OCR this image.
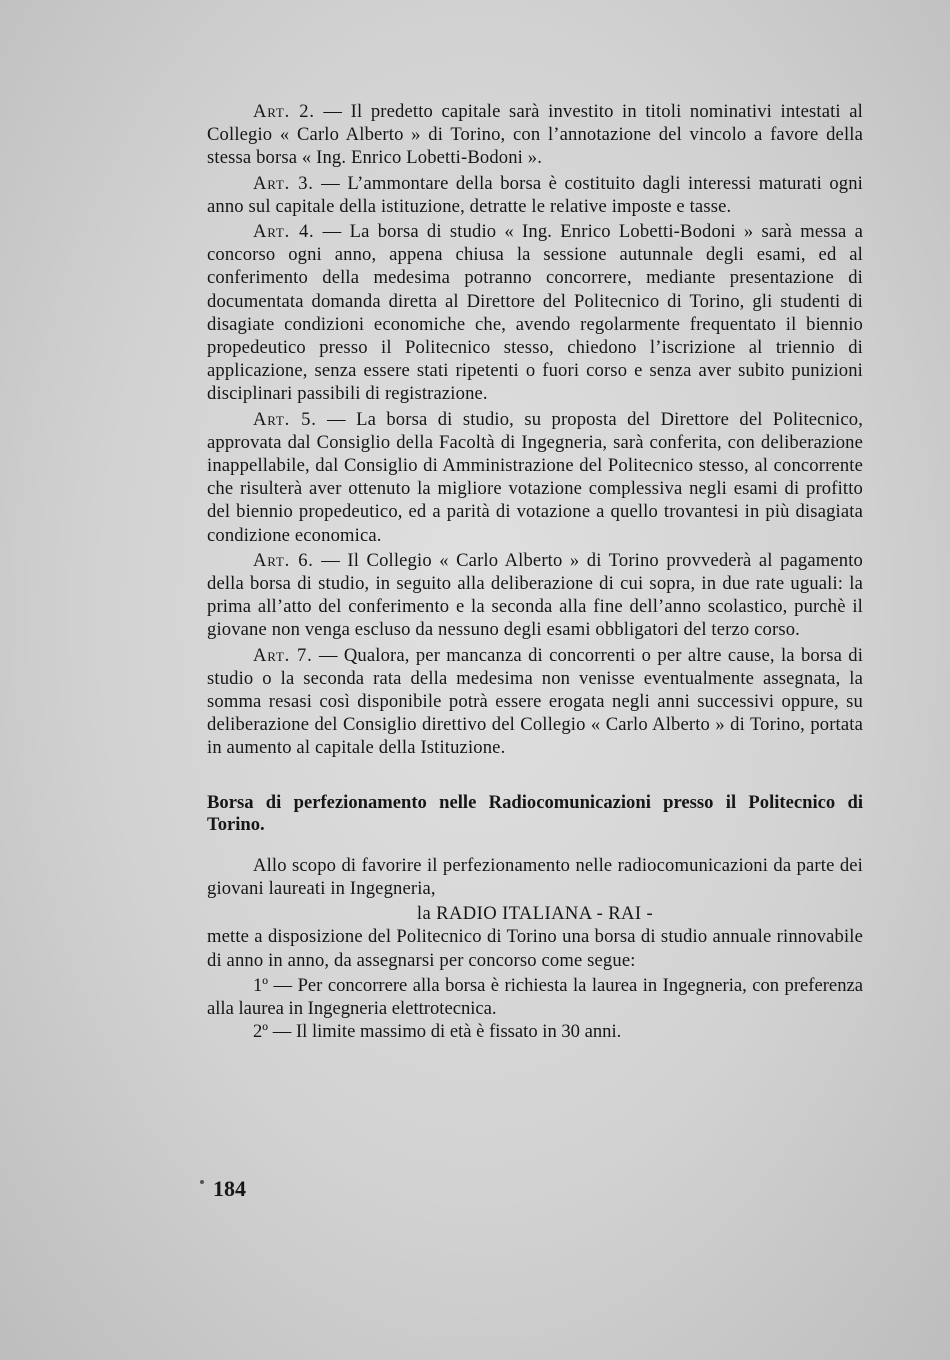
Art. 2. — Il predetto capitale sarà investito in titoli nominativi intestati al Collegio « Carlo Alberto » di Torino, con l’annotazione del vincolo a favore della stessa borsa « Ing. Enrico Lobetti-Bodoni ».

Art. 3. — L’ammontare della borsa è costituito dagli interessi maturati ogni anno sul capitale della istituzione, detratte le relative imposte e tasse.

Art. 4. — La borsa di studio « Ing. Enrico Lobetti-Bodoni » sarà messa a concorso ogni anno, appena chiusa la sessione autunnale degli esami, ed al conferimento della medesima potranno concorrere, mediante presentazione di documentata domanda diretta al Direttore del Politecnico di Torino, gli studenti di disagiate condizioni economiche che, avendo regolarmente frequentato il biennio propedeutico presso il Politecnico stesso, chiedono l’iscrizione al triennio di applicazione, senza essere stati ripetenti o fuori corso e senza aver subito punizioni disciplinari passibili di registrazione.

Art. 5. — La borsa di studio, su proposta del Direttore del Politecnico, approvata dal Consiglio della Facoltà di Ingegneria, sarà conferita, con deliberazione inappellabile, dal Consiglio di Amministrazione del Politecnico stesso, al concorrente che risulterà aver ottenuto la migliore votazione complessiva negli esami di profitto del biennio propedeutico, ed a parità di votazione a quello trovantesi in più disagiata condizione economica.

Art. 6. — Il Collegio « Carlo Alberto » di Torino provvederà al pagamento della borsa di studio, in seguito alla deliberazione di cui sopra, in due rate uguali: la prima all’atto del conferimento e la seconda alla fine dell’anno scolastico, purchè il giovane non venga escluso da nessuno degli esami obbligatori del terzo corso.

Art. 7. — Qualora, per mancanza di concorrenti o per altre cause, la borsa di studio o la seconda rata della medesima non venisse eventualmente assegnata, la somma resasi così disponibile potrà essere erogata negli anni successivi oppure, su deliberazione del Consiglio direttivo del Collegio « Carlo Alberto » di Torino, portata in aumento al capitale della Istituzione.

Borsa di perfezionamento nelle Radiocomunicazioni presso il Politecnico di Torino.

Allo scopo di favorire il perfezionamento nelle radiocomunicazioni da parte dei giovani laureati in Ingegneria,

la RADIO ITALIANA - RAI -

mette a disposizione del Politecnico di Torino una borsa di studio annuale rinnovabile di anno in anno, da assegnarsi per concorso come segue:

1º — Per concorrere alla borsa è richiesta la laurea in Ingegneria, con preferenza alla laurea in Ingegneria elettrotecnica.

2º — Il limite massimo di età è fissato in 30 anni.

184
